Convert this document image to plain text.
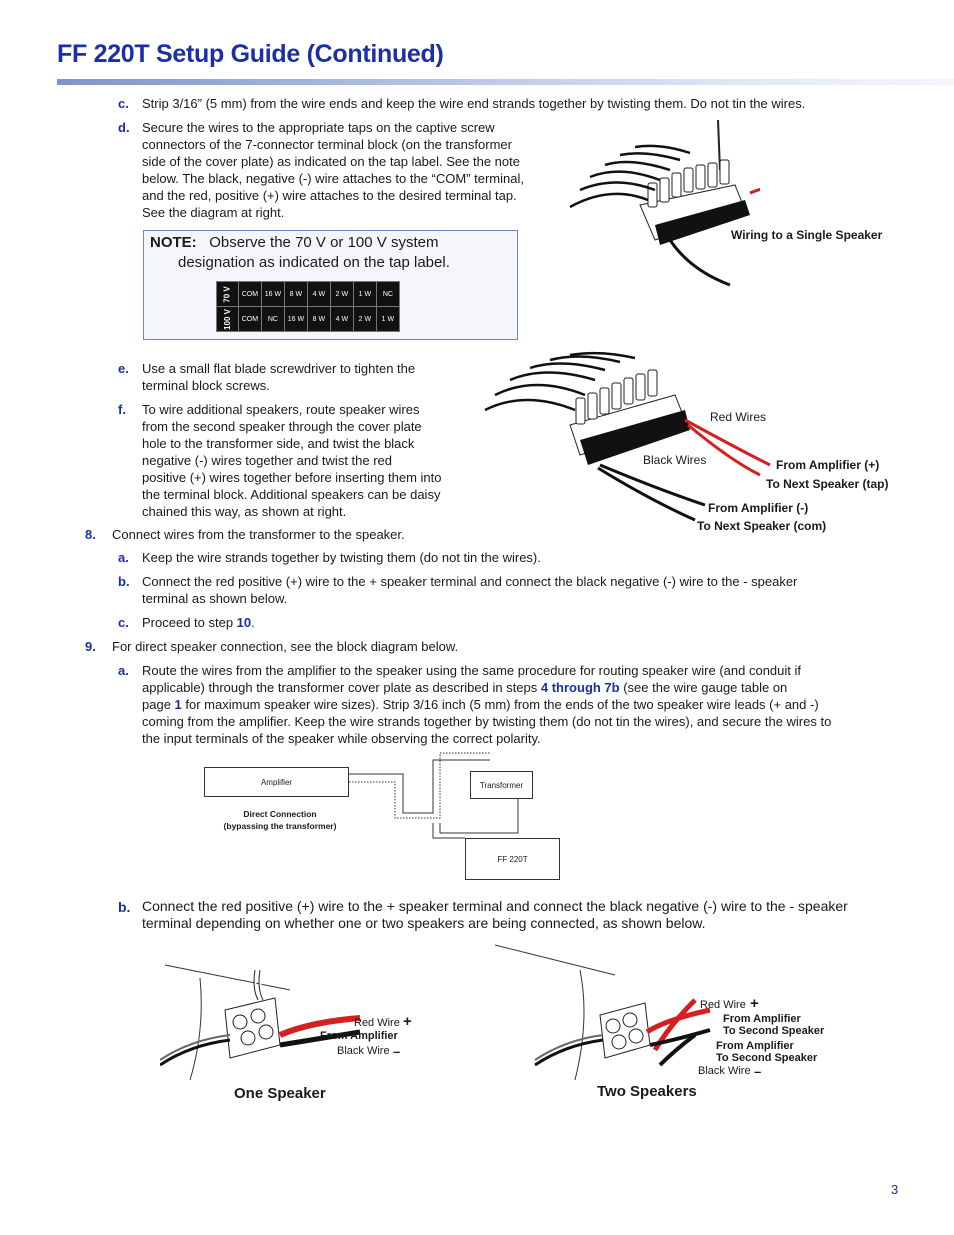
FF 220T Setup Guide (Continued)
c. Strip 3/16” (5 mm) from the wire ends and keep the wire end strands together by twisting them. Do not tin the wires.
d. Secure the wires to the appropriate taps on the captive screw
connectors of the 7-connector terminal block (on the transformer
side of the cover plate) as indicated on the tap label. See the note
below. The black, negative (-) wire attaches to the “COM” terminal,
and the red, positive (+) wire attaches to the desired terminal tap.
See the diagram at right.
Wiring to a Single Speaker
NOTE: Observe the 70 V or 100 V system
designation as indicated on the tap label.
70 V	COM	16 W	8 W	4 W	2 W	1 W	NC
100 V	COM	NC	16 W	8 W	4 W	2 W	1 W
e. Use a small flat blade screwdriver to tighten the
terminal block screws.
f. To wire additional speakers, route speaker wires
from the second speaker through the cover plate
hole to the transformer side, and twist the black
negative (-) wires together and twist the red
positive (+) wires together before inserting them into
the terminal block. Additional speakers can be daisy
chained this way, as shown at right.
Red Wires
Black Wires	From Amplifier (+)
To Next Speaker (tap)
From Amplifier (-)
To Next Speaker (com)
8. Connect wires from the transformer to the speaker.
a. Keep the wire strands together by twisting them (do not tin the wires).
b. Connect the red positive (+) wire to the + speaker terminal and connect the black negative (-) wire to the - speaker
terminal as shown below.
c. Proceed to step 10.
9. For direct speaker connection, see the block diagram below.
a. Route the wires from the amplifier to the speaker using the same procedure for routing speaker wire (and conduit if
applicable) through the transformer cover plate as described in steps 4 through 7b (see the wire gauge table on
page 1 for maximum speaker wire sizes). Strip 3/16 inch (5 mm) from the ends of the two speaker wire leads (+ and -)
coming from the amplifier. Keep the wire strands together by twisting them (do not tin the wires), and secure the wires to
the input terminals of the speaker while observing the correct polarity.
Amplifier	Transformer
FF 220T
Direct Connection
(bypassing the transformer)
b. Connect the red positive (+) wire to the + speaker terminal and connect the black negative (-) wire to the - speaker
terminal depending on whether one or two speakers are being connected, as shown below.
Red Wire +
From Amplifier
Black Wire –
One Speaker
Red Wire +
From Amplifier
To Second Speaker
From Amplifier
To Second Speaker
Black Wire –
Two Speakers
3
